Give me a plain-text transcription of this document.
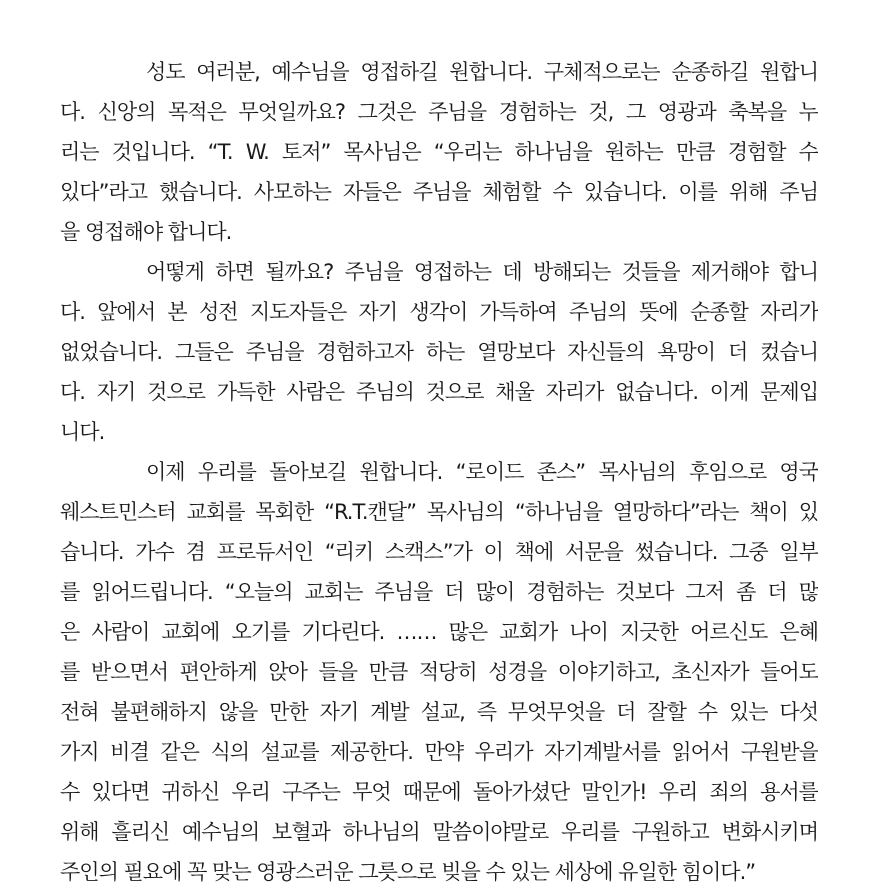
성도 여러분, 예수님을 영접하길 원합니다. 구체적으로는 순종하길 원합니
다. 신앙의 목적은 무엇일까요? 그것은 주님을 경험하는 것, 그 영광과 축복을 누
리는 것입니다. “T. W. 토저” 목사님은 “우리는 하나님을 원하는 만큼 경험할 수
있다”라고 했습니다. 사모하는 자들은 주님을 체험할 수 있습니다. 이를 위해 주님
을 영접해야 합니다.
어떻게 하면 될까요? 주님을 영접하는 데 방해되는 것들을 제거해야 합니
다. 앞에서 본 성전 지도자들은 자기 생각이 가득하여 주님의 뜻에 순종할 자리가
없었습니다. 그들은 주님을 경험하고자 하는 열망보다 자신들의 욕망이 더 컸습니
다. 자기 것으로 가득한 사람은 주님의 것으로 채울 자리가 없습니다. 이게 문제입
니다.
이제 우리를 돌아보길 원합니다. “로이드 존스” 목사님의 후임으로 영국
웨스트민스터 교회를 목회한 “R.T.캔달” 목사님의 “하나님을 열망하다”라는 책이 있
습니다. 가수 겸 프로듀서인 “리키 스캑스”가 이 책에 서문을 썼습니다. 그중 일부
를 읽어드립니다. “오늘의 교회는 주님을 더 많이 경험하는 것보다 그저 좀 더 많
은 사람이 교회에 오기를 기다린다. …… 많은 교회가 나이 지긋한 어르신도 은혜
를 받으면서 편안하게 앉아 들을 만큼 적당히 성경을 이야기하고, 초신자가 들어도
전혀 불편해하지 않을 만한 자기 계발 설교, 즉 무엇무엇을 더 잘할 수 있는 다섯
가지 비결 같은 식의 설교를 제공한다. 만약 우리가 자기계발서를 읽어서 구원받을
수 있다면 귀하신 우리 구주는 무엇 때문에 돌아가셨단 말인가! 우리 죄의 용서를
위해 흘리신 예수님의 보혈과 하나님의 말씀이야말로 우리를 구원하고 변화시키며
주인의 필요에 꼭 맞는 영광스러운 그릇으로 빚을 수 있는 세상에 유일한 힘이다.”
